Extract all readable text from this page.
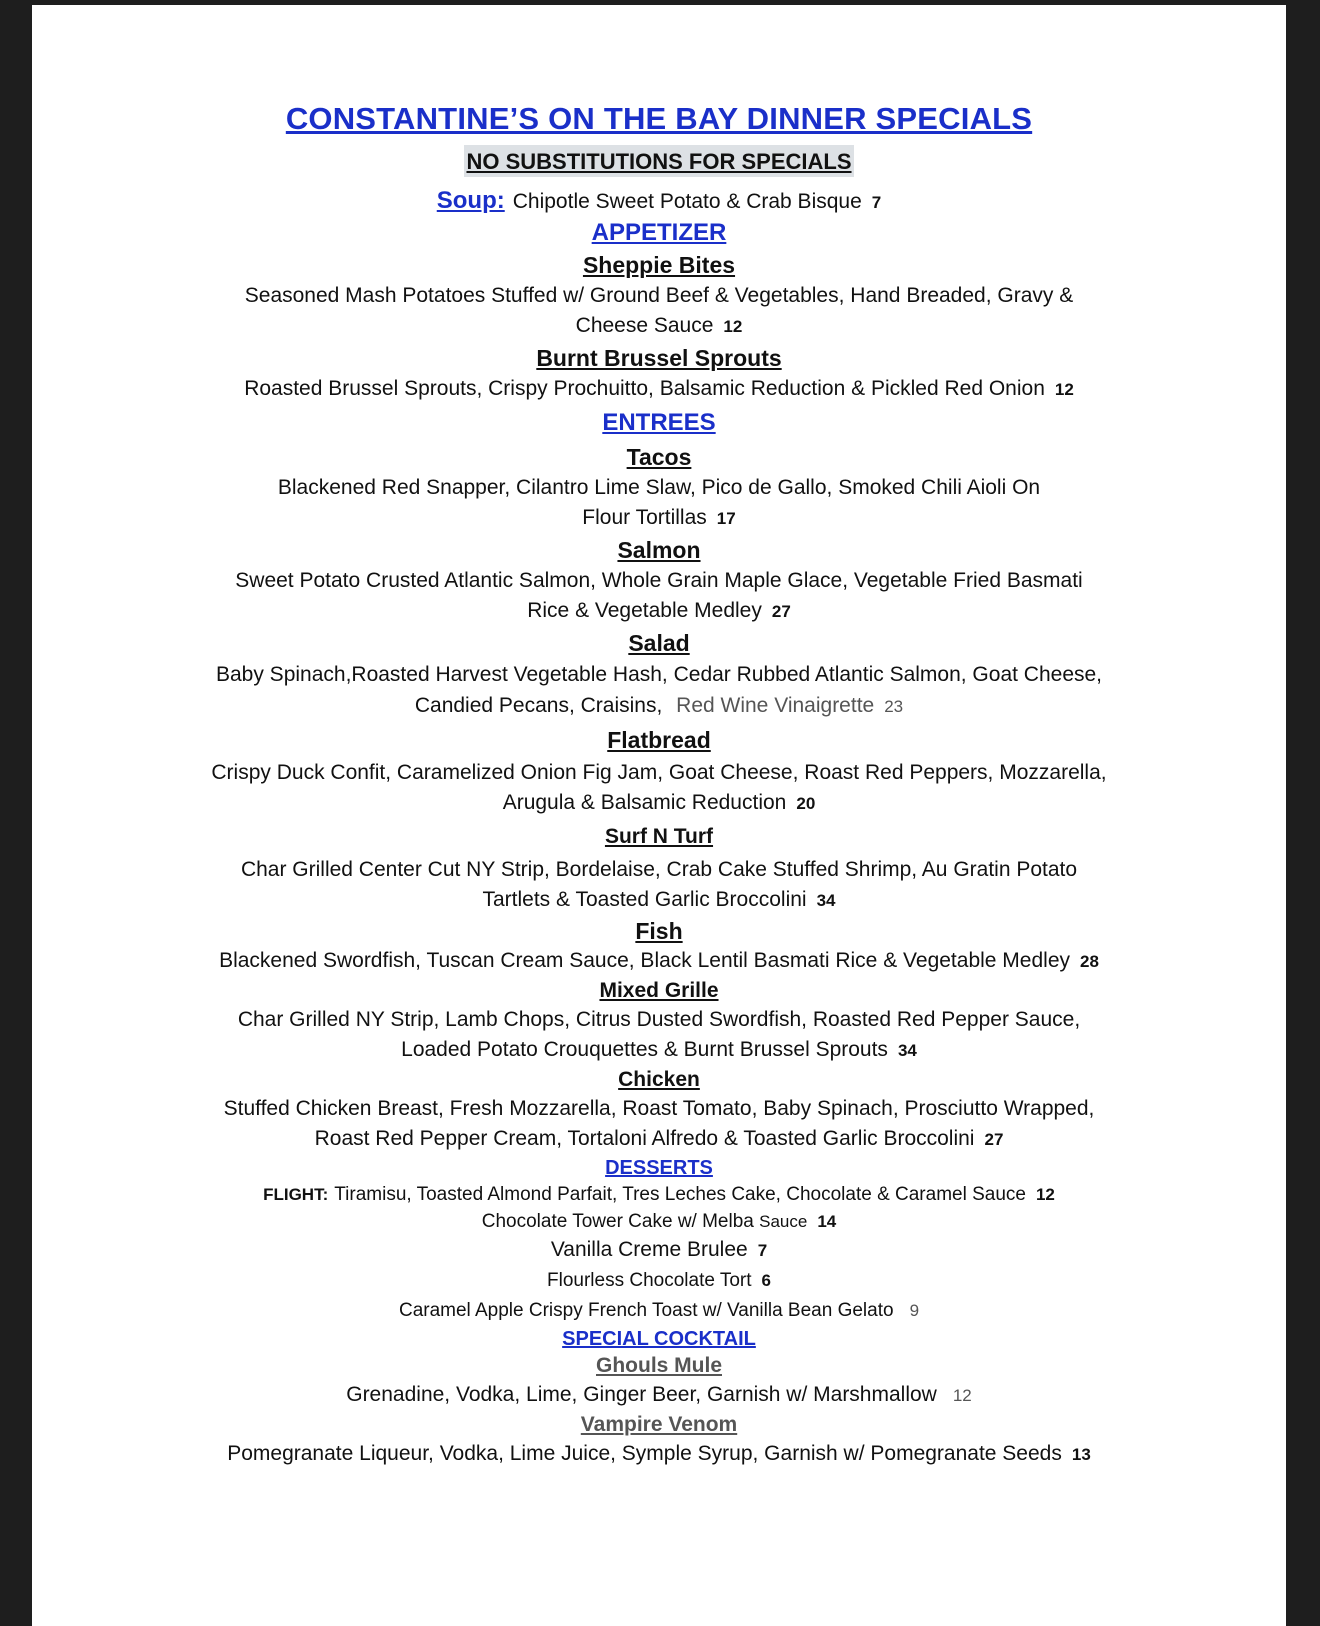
CONSTANTINE’S ON THE BAY DINNER SPECIALS
NO SUBSTITUTIONS FOR SPECIALS
Soup: Chipotle Sweet Potato & Crab Bisque 7
APPETIZER
Sheppie Bites
Seasoned Mash Potatoes Stuffed w/ Ground Beef & Vegetables, Hand Breaded, Gravy &
Cheese Sauce 12
Burnt Brussel Sprouts
Roasted Brussel Sprouts, Crispy Prochuitto, Balsamic Reduction & Pickled Red Onion 12
ENTREES
Tacos
Blackened Red Snapper, Cilantro Lime Slaw, Pico de Gallo, Smoked Chili Aioli On
Flour Tortillas 17
Salmon
Sweet Potato Crusted Atlantic Salmon, Whole Grain Maple Glace, Vegetable Fried Basmati
Rice & Vegetable Medley 27
Salad
Baby Spinach,Roasted Harvest Vegetable Hash, Cedar Rubbed Atlantic Salmon, Goat Cheese,
Candied Pecans, Craisins, Red Wine Vinaigrette 23
Flatbread
Crispy Duck Confit, Caramelized Onion Fig Jam, Goat Cheese, Roast Red Peppers, Mozzarella,
Arugula & Balsamic Reduction 20
Surf N Turf
Char Grilled Center Cut NY Strip, Bordelaise, Crab Cake Stuffed Shrimp, Au Gratin Potato
Tartlets & Toasted Garlic Broccolini 34
Fish
Blackened Swordfish, Tuscan Cream Sauce, Black Lentil Basmati Rice & Vegetable Medley 28
Mixed Grille
Char Grilled NY Strip, Lamb Chops, Citrus Dusted Swordfish, Roasted Red Pepper Sauce,
Loaded Potato Crouquettes & Burnt Brussel Sprouts 34
Chicken
Stuffed Chicken Breast, Fresh Mozzarella, Roast Tomato, Baby Spinach, Prosciutto Wrapped,
Roast Red Pepper Cream, Tortaloni Alfredo & Toasted Garlic Broccolini 27
DESSERTS
FLIGHT: Tiramisu, Toasted Almond Parfait, Tres Leches Cake, Chocolate & Caramel Sauce 12
Chocolate Tower Cake w/ Melba Sauce 14
Vanilla Creme Brulee 7
Flourless Chocolate Tort 6
Caramel Apple Crispy French Toast w/ Vanilla Bean Gelato 9
SPECIAL COCKTAIL
Ghouls Mule
Grenadine, Vodka, Lime, Ginger Beer, Garnish w/ Marshmallow 12
Vampire Venom
Pomegranate Liqueur, Vodka, Lime Juice, Symple Syrup, Garnish w/ Pomegranate Seeds 13
